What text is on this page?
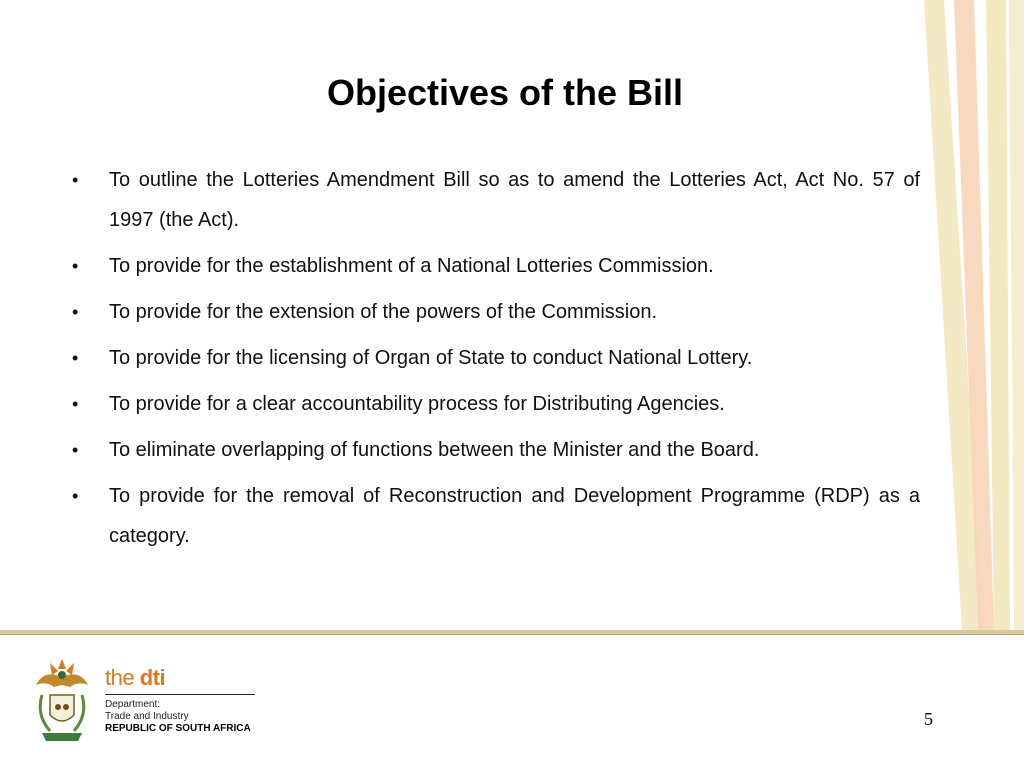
Objectives of the Bill
•	To outline the Lotteries Amendment Bill so as to amend the Lotteries Act, Act No. 57 of 1997 (the Act).
•	To provide for the establishment of a National Lotteries Commission.
•	To provide for the extension of the powers of the Commission.
•	To provide for the licensing of Organ of State to conduct National Lottery.
•	To provide for a clear accountability process for Distributing Agencies.
•	To eliminate overlapping of functions between the Minister and the Board.
•	To provide for the removal of Reconstruction and Development Programme (RDP) as a category.
the dti
Department:
Trade and Industry
REPUBLIC OF SOUTH AFRICA	5
